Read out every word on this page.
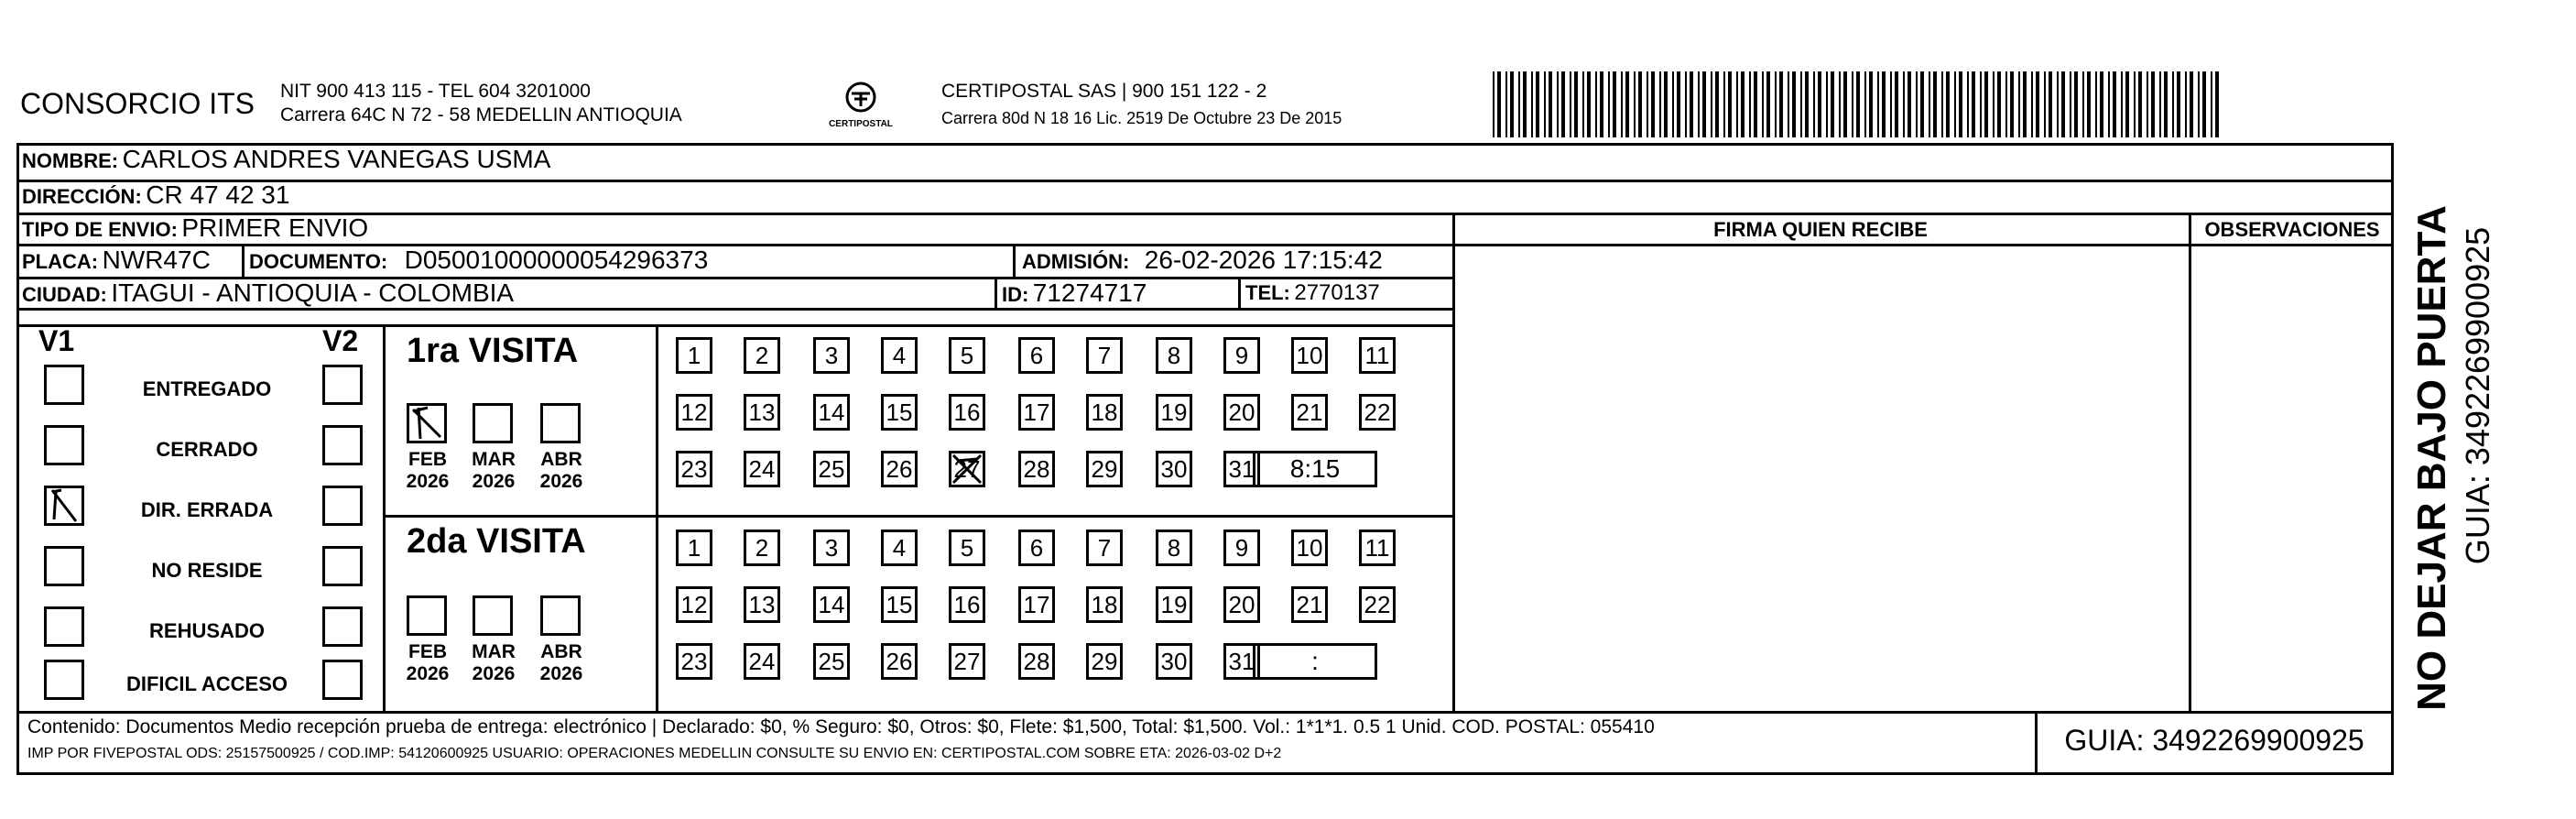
CONSORCIO ITS NIT 900 413 115 - TEL 604 3201000
Carrera 64C N 72 - 58 MEDELLIN ANTIOQUIA	CERTIPOSTAL
CERTIPOSTAL SAS | 900 151 122 - 2
Carrera 80d N 18 16 Lic. 2519 De Octubre 23 De 2015
NOMBRE: CARLOS ANDRES VANEGAS USMA
DIRECCIÓN: CR 47 42 31
TIPO DE ENVIO: PRIMER ENVIO
PLACA: NWR47C DOCUMENTO: D05001000000054296373	ADMISIÓN: 26-02-2026 17:15:42
CIUDAD: ITAGUI - ANTIOQUIA - COLOMBIA	ID: 71274717	TEL: 2770137
FIRMA QUIEN RECIBE	OBSERVACIONES
V1	V2 1ra VISITA
2da VISITA
FEB
2026
MAR
2026
ABR
2026
1	2	3	4	5	6	7	8	9	10 11
12 13 14 15 16 17 18 19 20 21 22
23 24 25 26 27 28 29 30 31	8:15
FEB
2026
MAR
2026
ABR
2026
1	2	3	4	5	6	7	8	9	10 11
12 13 14 15 16 17 18 19 20 21 22
23 24 25 26 27 28 29 30 31	:
Contenido: Documentos Medio recepción prueba de entrega: electrónico | Declarado: $0, % Seguro: $0, Otros: $0, Flete: $1,500, Total: $1,500. Vol.: 1*1*1. 0.5 1 Unid. COD. POSTAL: 055410
IMP POR FIVEPOSTAL ODS: 25157500925 / COD.IMP: 54120600925 USUARIO: OPERACIONES MEDELLIN CONSULTE SU ENVIO EN: CERTIPOSTAL.COM SOBRE ETA: 2026-03-02 D+2	GUIA: 3492269900925
NO DEJAR BAJO PUERTA GUIA: 3492269900925
ENTREGADO
CERRADO
DIR. ERRADA
NO RESIDE
REHUSADO
DIFICIL ACCESO
